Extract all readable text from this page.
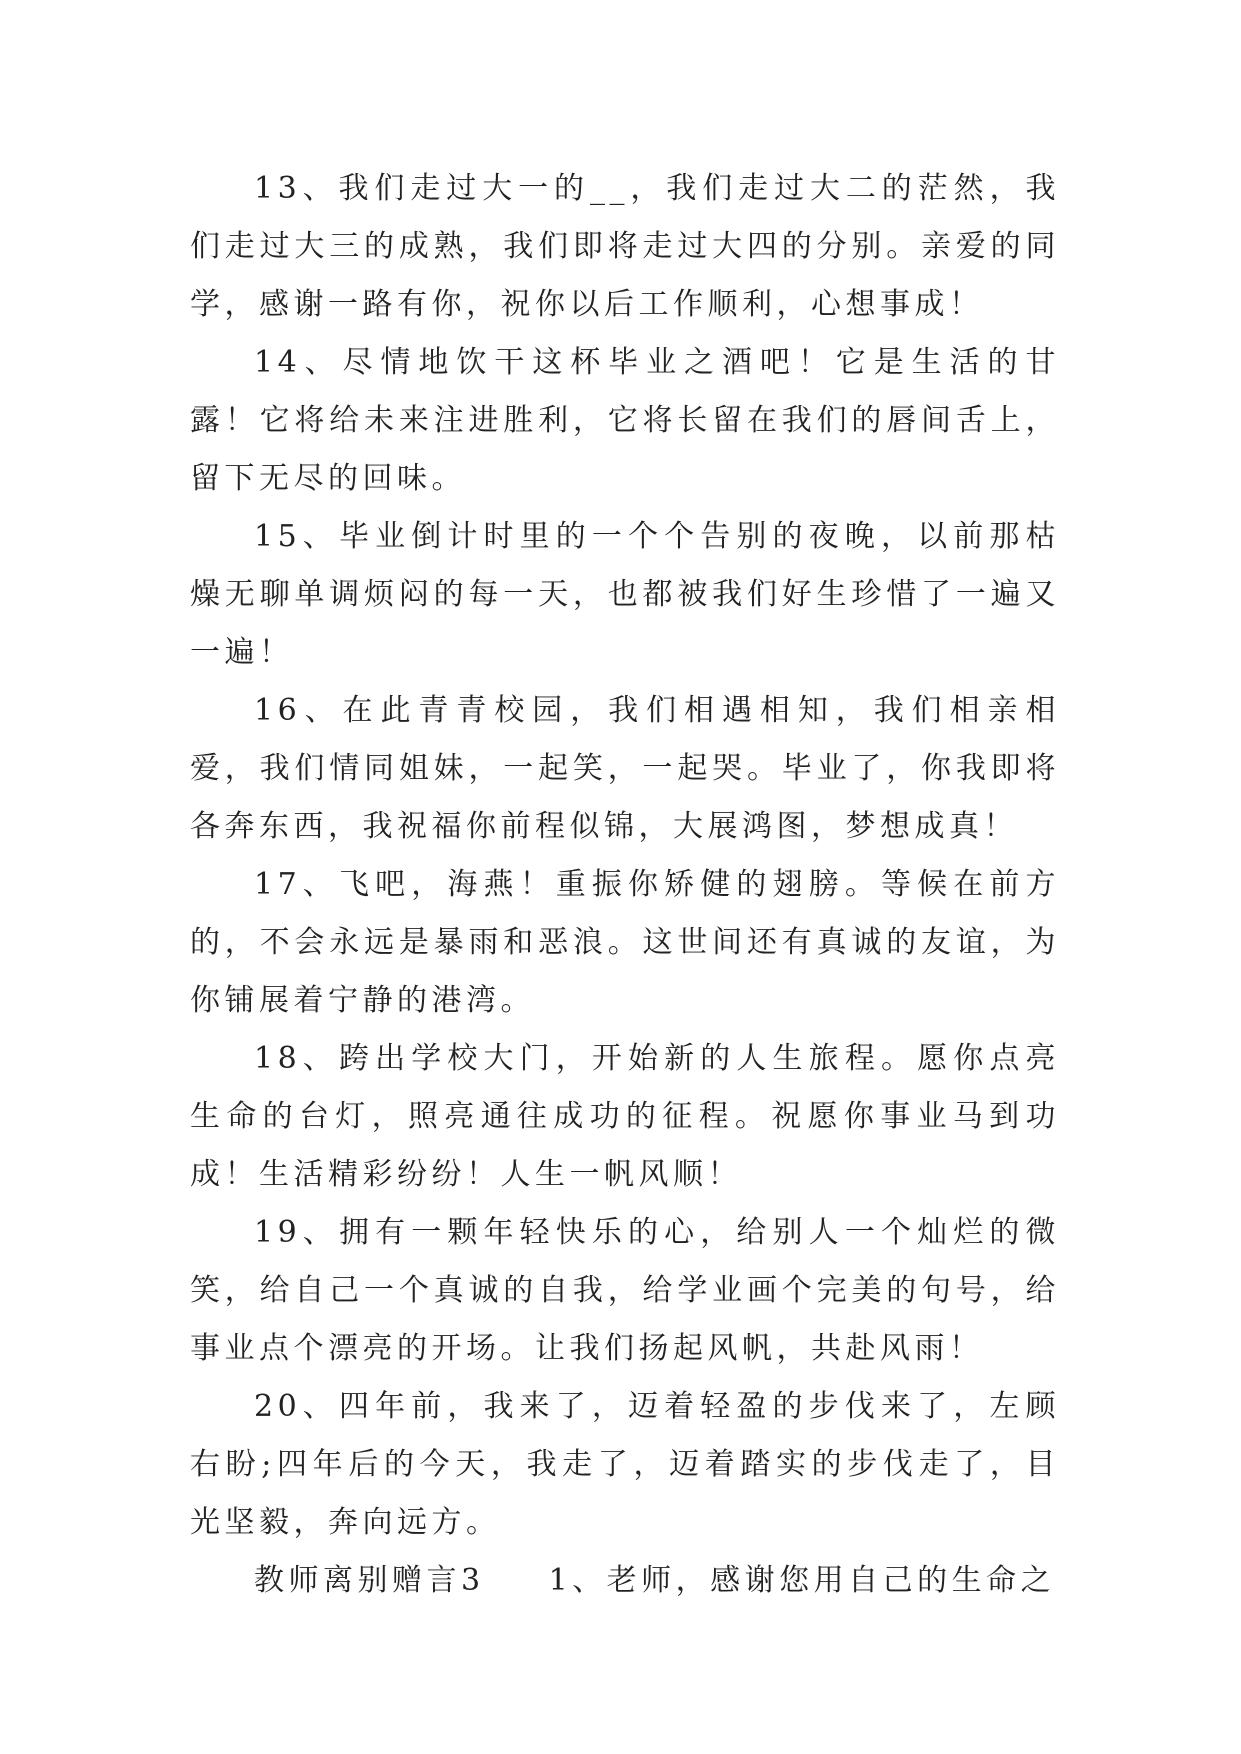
13、我们走过大一的__，我们走过大二的茫然，我们走过大三的成熟，我们即将走过大四的分别。亲爱的同学，感谢一路有你，祝你以后工作顺利，心想事成！

14、尽情地饮干这杯毕业之酒吧！它是生活的甘露！它将给未来注进胜利，它将长留在我们的唇间舌上，留下无尽的回味。

15、毕业倒计时里的一个个告别的夜晚，以前那枯燥无聊单调烦闷的每一天，也都被我们好生珍惜了一遍又一遍！

16、在此青青校园，我们相遇相知，我们相亲相爱，我们情同姐妹，一起笑，一起哭。毕业了，你我即将各奔东西，我祝福你前程似锦，大展鸿图，梦想成真！

17、飞吧，海燕！重振你矫健的翅膀。等候在前方的，不会永远是暴雨和恶浪。这世间还有真诚的友谊，为你铺展着宁静的港湾。

18、跨出学校大门，开始新的人生旅程。愿你点亮生命的台灯，照亮通往成功的征程。祝愿你事业马到功成！生活精彩纷纷！人生一帆风顺！

19、拥有一颗年轻快乐的心，给别人一个灿烂的微笑，给自己一个真诚的自我，给学业画个完美的句号，给事业点个漂亮的开场。让我们扬起风帆，共赴风雨！

20、四年前，我来了，迈着轻盈的步伐来了，左顾右盼;四年后的今天，我走了，迈着踏实的步伐走了，目光坚毅，奔向远方。

教师离别赠言3 1、老师，感谢您用自己的生命之
